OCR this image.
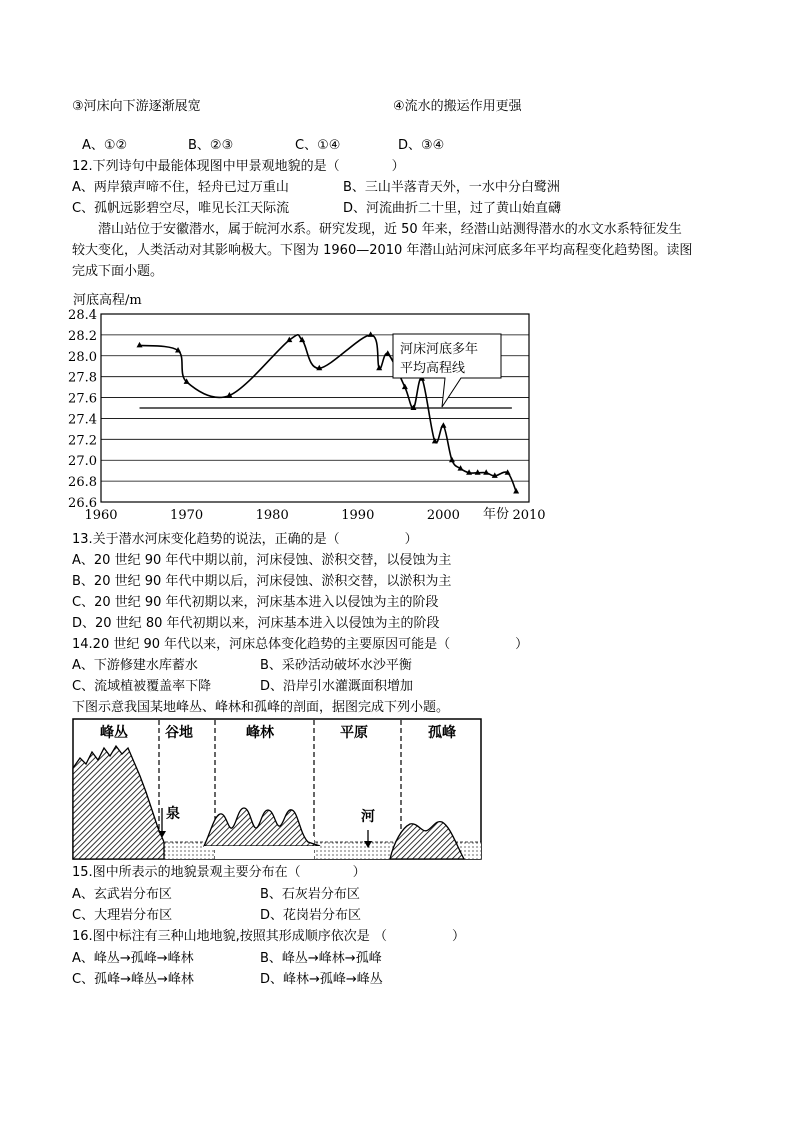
③河床向下游逐渐展宽	④流水的搬运作用更强
A、①②	B、②③	C、①④	D、③④
12.下列诗句中最能体现图中甲景观地貌的是（　　　　）
A、两岸猿声啼不住，轻舟已过万重山	B、三山半落青天外，一水中分白鹭洲
C、孤帆远影碧空尽，唯见长江天际流	D、河流曲折二十里，过了黄山始直礴
潜山站位于安徽潜水，属于皖河水系。研究发现，近 50 年来，经潜山站测得潜水的水文水系特征发生
较大变化，人类活动对其影响极大。下图为 1960—2010 年潜山站河床河底多年平均高程变化趋势图。读图
完成下面小题。
河底高程/m
28.4
28.2
28.0
27.8
27.6
27.4
27.2
27.0
26.8
26.6
1960	1970	1980	1990	2000	2010
河床河底多年
平均高程线
年份
13.关于潜水河床变化趋势的说法，正确的是（　　　　　）
A、20 世纪 90 年代中期以前，河床侵蚀、淤积交替，以侵蚀为主
B、20 世纪 90 年代中期以后，河床侵蚀、淤积交替，以淤积为主
C、20 世纪 90 年代初期以来，河床基本进入以侵蚀为主的阶段
D、20 世纪 80 年代初期以来，河床基本进入以侵蚀为主的阶段
14.20 世纪 90 年代以来，河床总体变化趋势的主要原因可能是（　　　　　）
A、下游修建水库蓄水	B、采砂活动破坏水沙平衡
C、流域植被覆盖率下降	D、沿岸引水灌溉面积增加
下图示意我国某地峰丛、峰林和孤峰的剖面，据图完成下列小题。
峰丛	谷地	峰林	平原	孤峰
泉	河
15.图中所表示的地貌景观主要分布在（　　　　）
A、玄武岩分布区	B、石灰岩分布区
C、大理岩分布区	D、花岗岩分布区
16.图中标注有三种山地地貌,按照其形成顺序依次是 （　　　　　）
A、峰丛→孤峰→峰林	B、峰丛→峰林→孤峰
C、孤峰→峰丛→峰林	D、峰林→孤峰→峰丛
